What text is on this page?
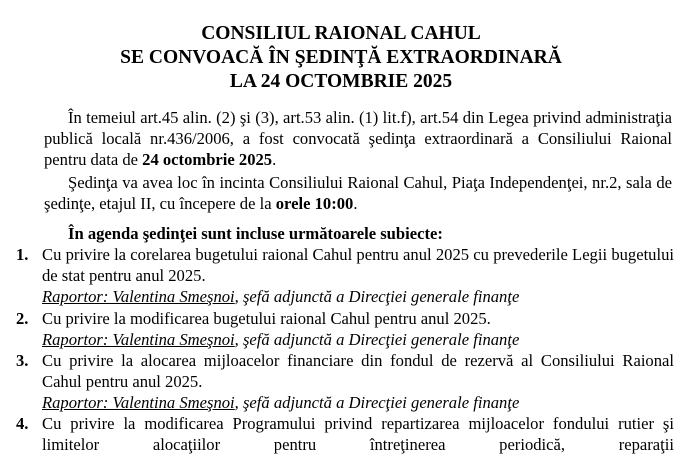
CONSILIUL RAIONAL CAHUL
SE CONVOACĂ ÎN ŞEDINŢĂ EXTRAORDINARĂ
LA 24 OCTOMBRIE 2025

În temeiul art.45 alin. (2) şi (3), art.53 alin. (1) lit.f), art.54 din Legea privind administraţia publică locală nr.436/2006, a fost convocată şedinţa extraordinară a Consiliului Raional pentru data de 24 octombrie 2025.

Şedinţa va avea loc în incinta Consiliului Raional Cahul, Piaţa Independenţei, nr.2, sala de şedinţe, etajul II, cu începere de la orele 10:00.

În agenda şedinţei sunt incluse următoarele subiecte:

1. Cu privire la corelarea bugetului raional Cahul pentru anul 2025 cu prevederile Legii bugetului de stat pentru anul 2025.

Raportor: Valentina Smeşnoi, şefă adjunctă a Direcţiei generale finanţe

2. Cu privire la modificarea bugetului raional Cahul pentru anul 2025.

Raportor: Valentina Smeşnoi, şefă adjunctă a Direcţiei generale finanţe

3. Cu privire la alocarea mijloacelor financiare din fondul de rezervă al Consiliului Raional Cahul pentru anul 2025.

Raportor: Valentina Smeşnoi, şefă adjunctă a Direcţiei generale finanţe

4. Cu privire la modificarea Programului privind repartizarea mijloacelor fondului rutier şi limitelor alocaţiilor pentru întreţinerea periodică, reparaţii
